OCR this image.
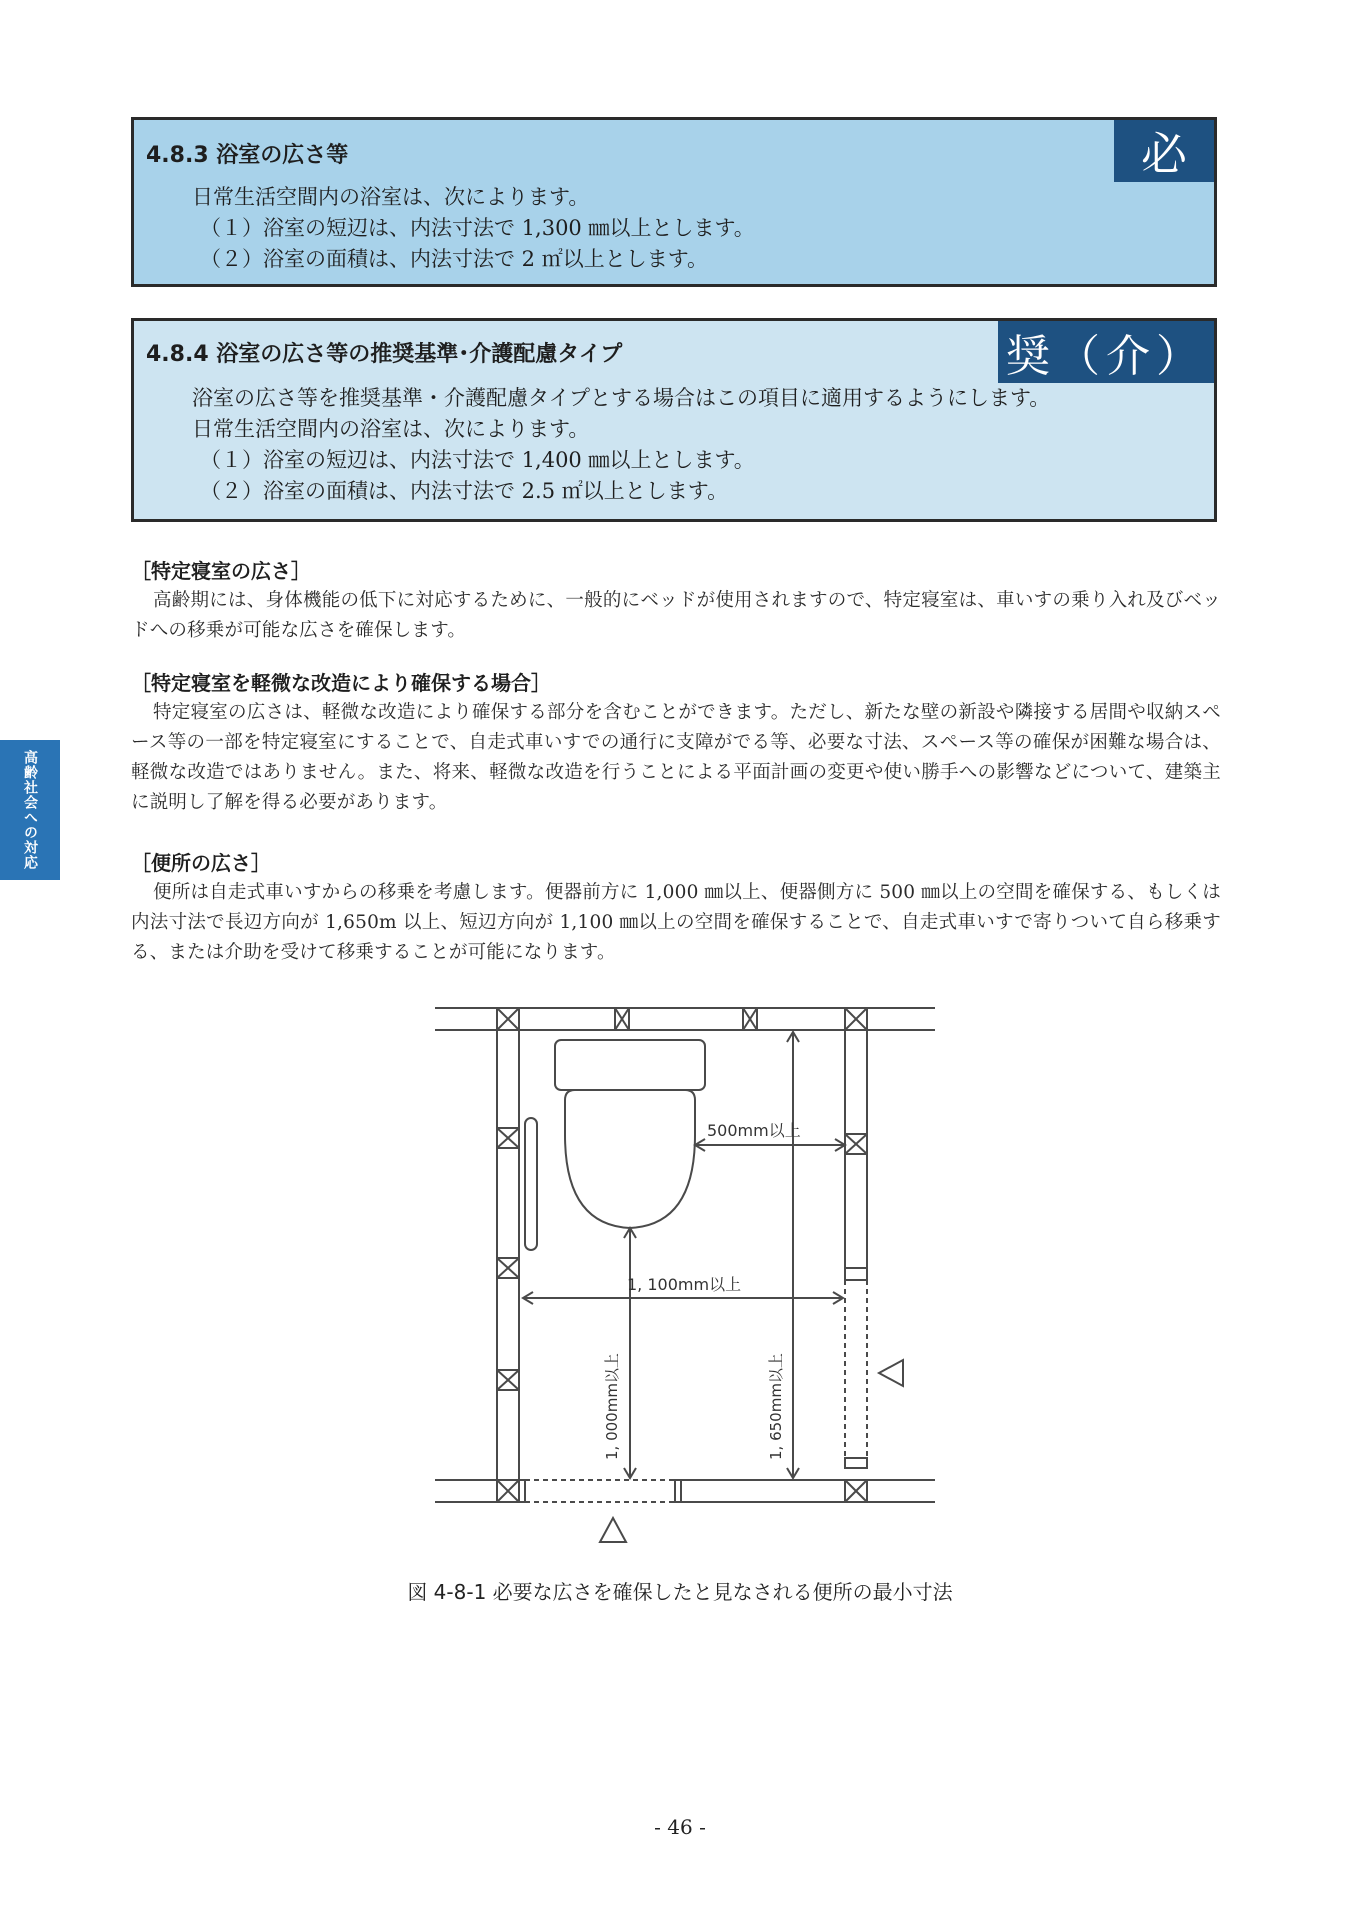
4.8.3 浴室の広さ等	必
日常生活空間内の浴室は、次によります。
（１）浴室の短辺は、内法寸法で 1,300 ㎜以上とします。
（２）浴室の面積は、内法寸法で 2 ㎡以上とします。
4.8.4 浴室の広さ等の推奨基準･介護配慮タイプ	奨（介）
浴室の広さ等を推奨基準・介護配慮タイプとする場合はこの項目に適用するようにします。
日常生活空間内の浴室は、次によります。
（１）浴室の短辺は、内法寸法で 1,400 ㎜以上とします。
（２）浴室の面積は、内法寸法で 2.5 ㎡以上とします。
［特定寝室の広さ］
高齢期には、身体機能の低下に対応するために、一般的にベッドが使用されますので、特定寝室は、車いすの乗り入れ及びベッドへの移乗が可能な広さを確保します。
［特定寝室を軽微な改造により確保する場合］
特定寝室の広さは、軽微な改造により確保する部分を含むことができます。ただし、新たな壁の新設や隣接する居間や収納スペース等の一部を特定寝室にすることで、自走式車いすでの通行に支障がでる等、必要な寸法、スペース等の確保が困難な場合は、軽微な改造ではありません。また、将来、軽微な改造を行うことによる平面計画の変更や使い勝手への影響などについて、建築主に説明し了解を得る必要があります。
［便所の広さ］
便所は自走式車いすからの移乗を考慮します。便器前方に 1,000 ㎜以上、便器側方に 500 ㎜以上の空間を確保する、もしくは内法寸法で長辺方向が 1,650m 以上、短辺方向が 1,100 ㎜以上の空間を確保することで、自走式車いすで寄りついて自ら移乗する、または介助を受けて移乗することが可能になります。
高齢社会への対応
500mm以上
1, 100mm以上
1, 000mm以上	1, 650mm以上
図 4-8-1 必要な広さを確保したと見なされる便所の最小寸法
- 46 -
